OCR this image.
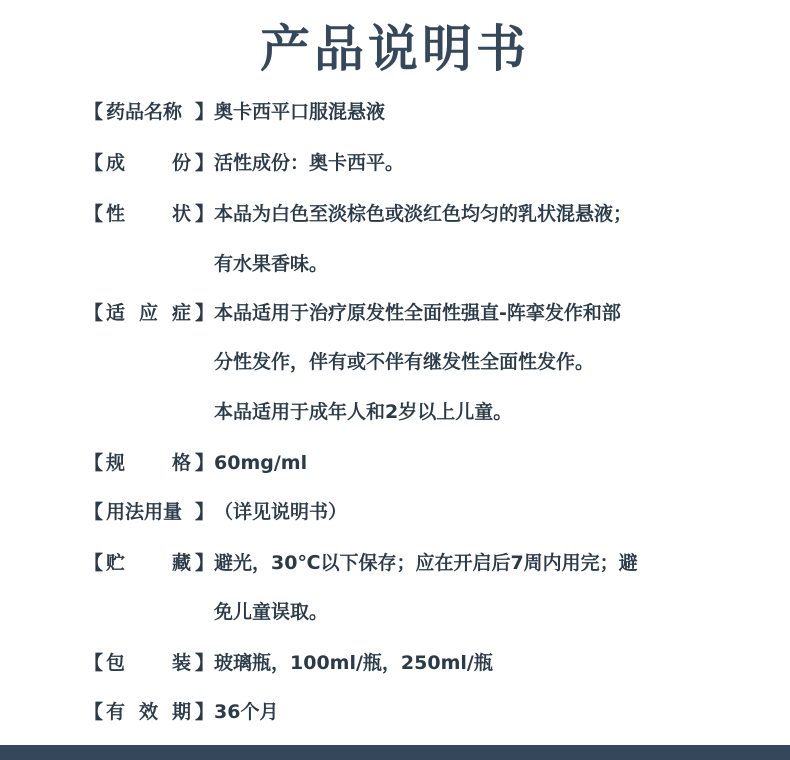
产品说明书
【 药品名称 】 奥卡西平口服混悬液
【 成 份 】 活性成份：奥卡西平。
【 性 状 】 本品为白色至淡棕色或淡红色均匀的乳状混悬液；
有水果香味。
【 适 应 症 】 本品适用于治疗原发性全面性强直-阵挛发作和部
分性发作，伴有或不伴有继发性全面性发作。
本品适用于成年人和2岁以上儿童。
【 规 格 】 60mg/ml
【 用法用量 】 （详见说明书）
【 贮 藏 】 避光，30℃以下保存；应在开启后7周内用完；避
免儿童误取。
【 包 装 】 玻璃瓶，100ml/瓶，250ml/瓶
【 有 效 期 】 36个月
